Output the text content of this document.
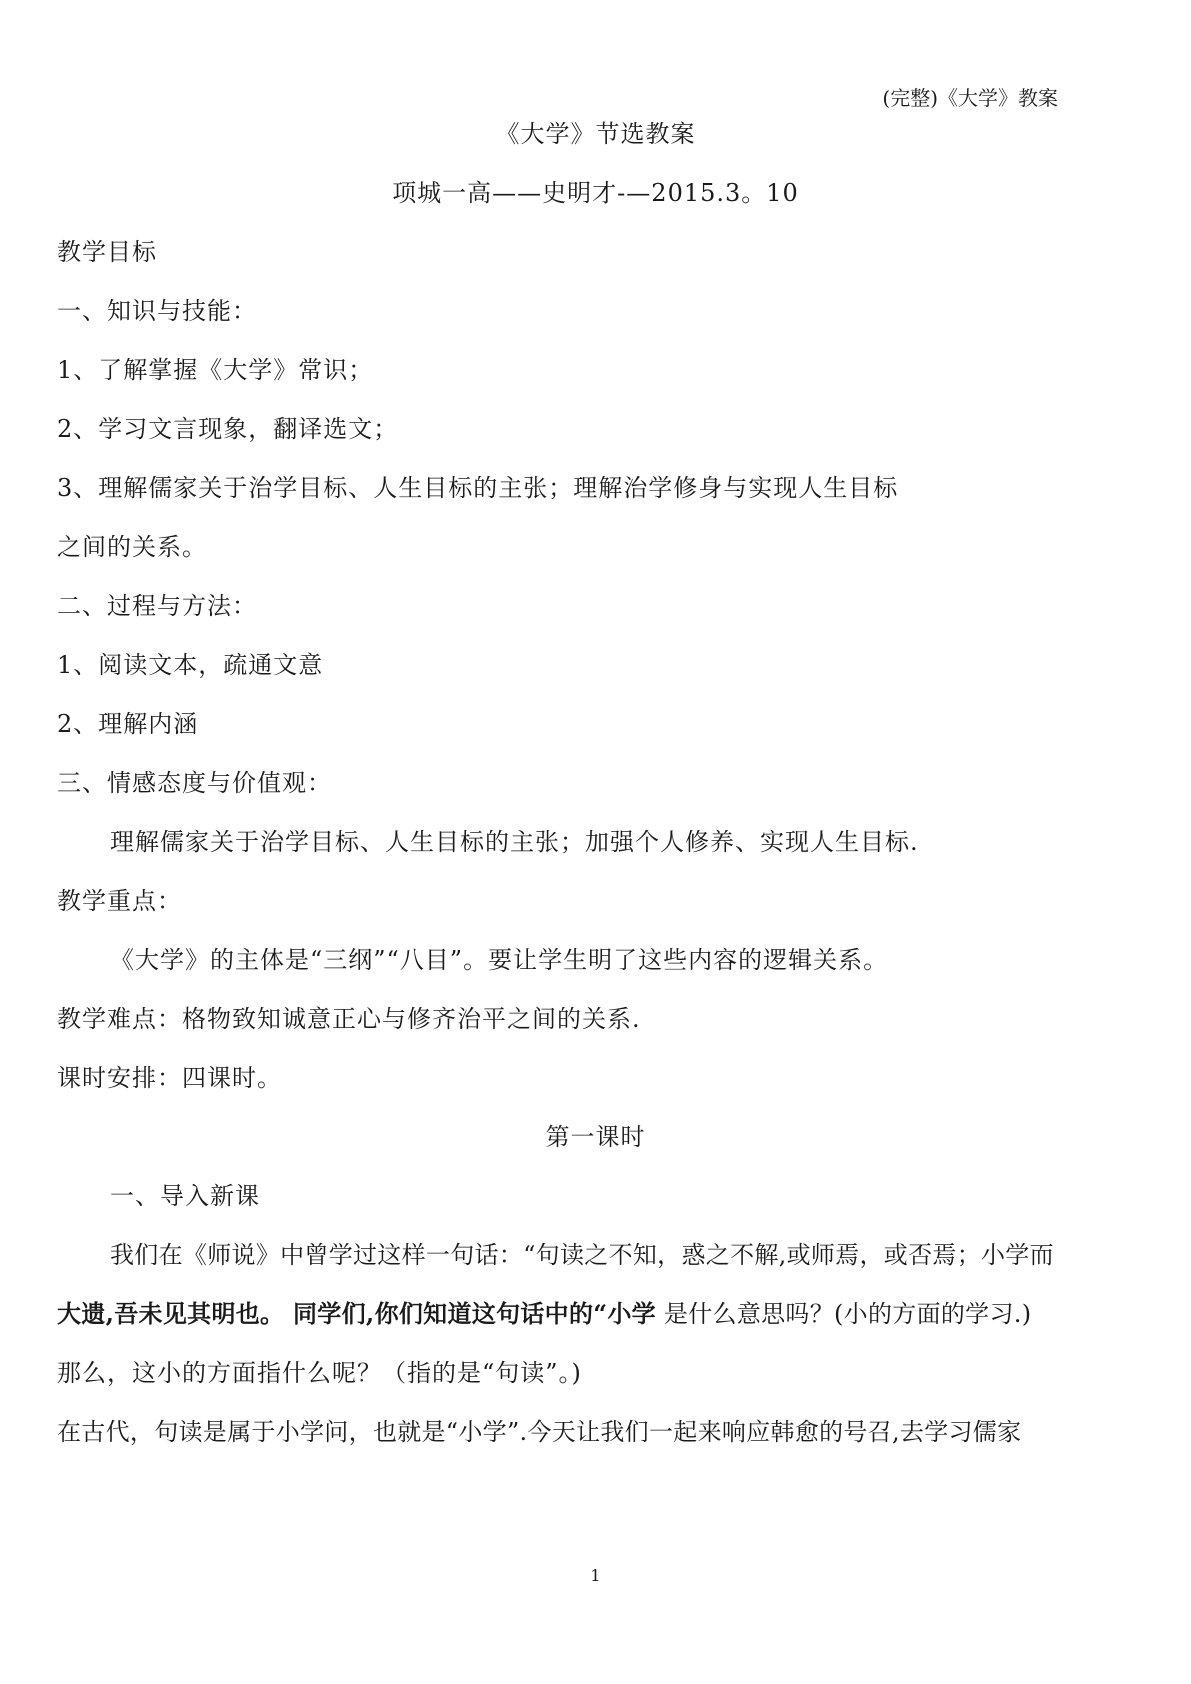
(完整)《大学》教案
《大学》节选教案
项城一高——史明才-—2015.3。10
教学目标
一、知识与技能：
1、了解掌握《大学》常识；
2、学习文言现象，翻译选文；
3、理解儒家关于治学目标、人生目标的主张；理解治学修身与实现人生目标
之间的关系。
二、过程与方法：
1、阅读文本，疏通文意
2、理解内涵
三、情感态度与价值观：
理解儒家关于治学目标、人生目标的主张；加强个人修养、实现人生目标.
教学重点：
《大学》的主体是“三纲”“八目”。要让学生明了这些内容的逻辑关系。
教学难点：格物致知诚意正心与修齐治平之间的关系.
课时安排：四课时。
第一课时
一、导入新课
我们在《师说》中曾学过这样一句话：“句读之不知，惑之不解,或师焉，或否焉；小学而
大遗,吾未见其明也。 同学们,你们知道这句话中的“小学 是什么意思吗？(小的方面的学习.)
那么，这小的方面指什么呢？（指的是“句读”。)
在古代，句读是属于小学问，也就是“小学”.今天让我们一起来响应韩愈的号召,去学习儒家
1
